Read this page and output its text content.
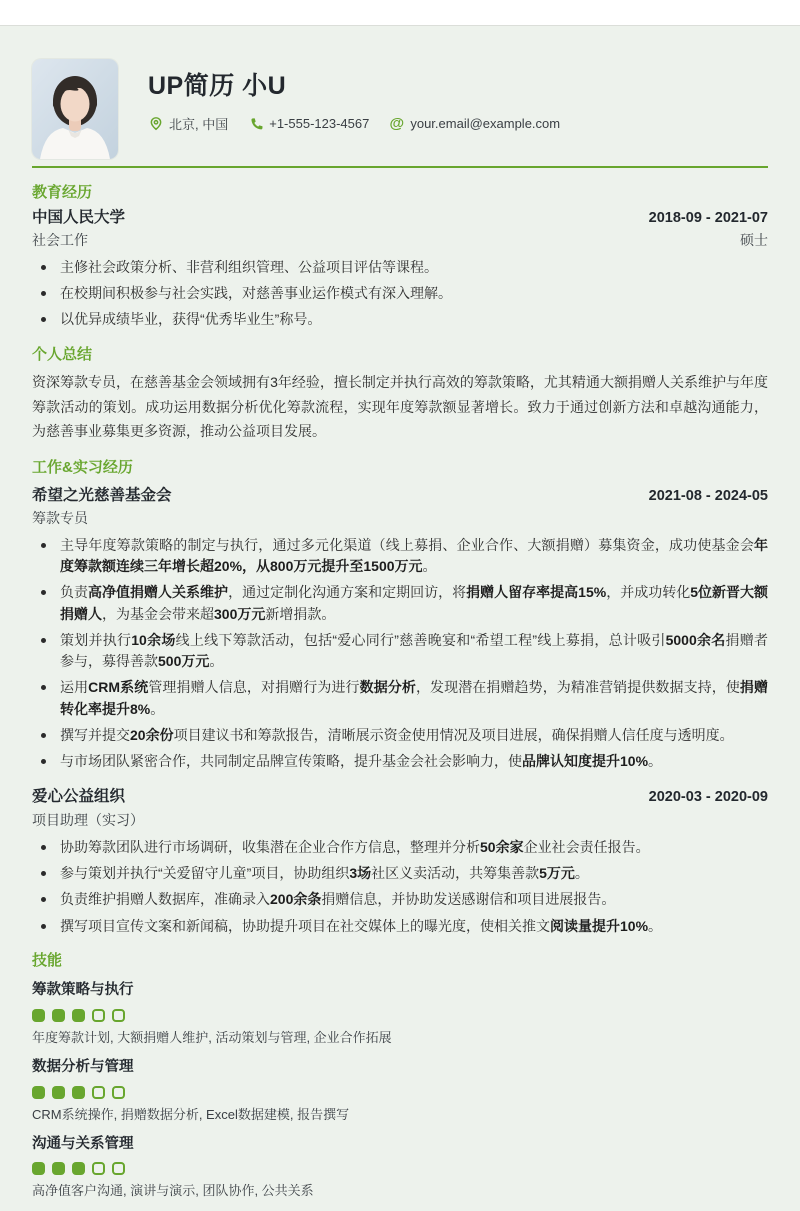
UP简历 小U
北京, 中国	+1-555-123-4567 @ your.email@example.com
教育经历
中国人民大学	2018-09 - 2021-07
社会工作	硕士
主修社会政策分析、非营利组织管理、公益项目评估等课程。
在校期间积极参与社会实践，对慈善事业运作模式有深入理解。
以优异成绩毕业，获得“优秀毕业生”称号。
个人总结

资深筹款专员，在慈善基金会领域拥有3年经验，擅长制定并执行高效的筹款策略，尤其精通大额捐赠人关系维护与年度筹款活动的策划。成功运用数据分析优化筹款流程，实现年度筹款额显著增长。致力于通过创新方法和卓越沟通能力，为慈善事业募集更多资源，推动公益项目发展。

工作&实习经历
希望之光慈善基金会	2021-08 - 2024-05
筹款专员
主导年度筹款策略的制定与执行，通过多元化渠道（线上募捐、企业合作、大额捐赠）募集资金，成功使基金会年度筹款额连续三年增长超20%，从800万元提升至1500万元。
负责高净值捐赠人关系维护，通过定制化沟通方案和定期回访，将捐赠人留存率提高15%，并成功转化5位新晋大额捐赠人，为基金会带来超300万元新增捐款。
策划并执行10余场线上线下筹款活动，包括“爱心同行”慈善晚宴和“希望工程”线上募捐，总计吸引5000余名捐赠者参与，募得善款500万元。
运用CRM系统管理捐赠人信息，对捐赠行为进行数据分析，发现潜在捐赠趋势，为精准营销提供数据支持，使捐赠转化率提升8%。
撰写并提交20余份项目建议书和筹款报告，清晰展示资金使用情况及项目进展，确保捐赠人信任度与透明度。
与市场团队紧密合作，共同制定品牌宣传策略，提升基金会社会影响力，使品牌认知度提升10%。
爱心公益组织	2020-03 - 2020-09
项目助理（实习）
协助筹款团队进行市场调研，收集潜在企业合作方信息，整理并分析50余家企业社会责任报告。
参与策划并执行“关爱留守儿童”项目，协助组织3场社区义卖活动，共筹集善款5万元。
负责维护捐赠人数据库，准确录入200余条捐赠信息，并协助发送感谢信和项目进展报告。
撰写项目宣传文案和新闻稿，协助提升项目在社交媒体上的曝光度，使相关推文阅读量提升10%。
技能
筹款策略与执行
年度筹款计划, 大额捐赠人维护, 活动策划与管理, 企业合作拓展
数据分析与管理
CRM系统操作, 捐赠数据分析, Excel数据建模, 报告撰写
沟通与关系管理
高净值客户沟通, 演讲与演示, 团队协作, 公共关系
